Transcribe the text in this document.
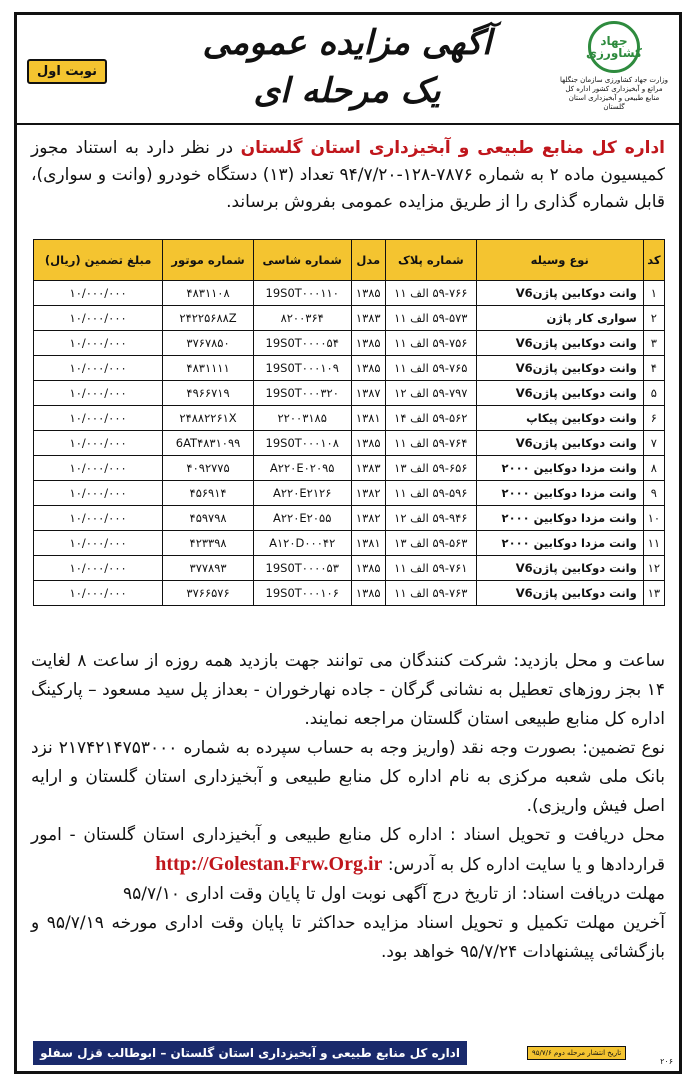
نوبت اول
آگهی مزایده عمومی
یک مرحله ای
جهاد کشاورزی
وزارت جهاد کشاورزی سازمان جنگلها مراتع و آبخیزداری کشور اداره کل منابع طبیعی و آبخیزداری استان گلستان
اداره کل منابع طبیعی و آبخیزداری استان گلستان در نظر دارد به استناد مجوز کمیسیون ماده ۲ به شماره ۷۸۷۶-۱۲۸-۹۴/۷/۲۰ تعداد (۱۳) دستگاه خودرو (وانت و سواری)، قابل شماره گذاری را از طریق مزایده عمومی بفروش برساند.
کد	نوع وسیله	شماره پلاک	مدل	شماره شاسی	شماره موتور	مبلغ تضمین (ریال)
۱	وانت دوکابین پاژنV6	۵۹-۷۶۶ الف ۱۱	۱۳۸۵	19S0T۰۰۰۱۱۰	۴۸۳۱۱۰۸	۱۰/۰۰۰/۰۰۰
۲	سواری کار پاژن	۵۹-۵۷۳ الف ۱۱	۱۳۸۳	۸۲۰۰۳۶۴	۲۴۲۲۵۶۸۸Z	۱۰/۰۰۰/۰۰۰
۳	وانت دوکابین پاژنV6	۵۹-۷۵۶ الف ۱۱	۱۳۸۵	19S0T۰۰۰۰۵۴	۳۷۶۷۸۵۰	۱۰/۰۰۰/۰۰۰
۴	وانت دوکابین پاژنV6	۵۹-۷۶۵ الف ۱۱	۱۳۸۵	19S0T۰۰۰۱۰۹	۴۸۳۱۱۱۱	۱۰/۰۰۰/۰۰۰
۵	وانت دوکابین پاژنV6	۵۹-۷۹۷ الف ۱۲	۱۳۸۷	19S0T۰۰۰۳۲۰	۴۹۶۶۷۱۹	۱۰/۰۰۰/۰۰۰
۶	وانت دوکابین پیکاپ	۵۹-۵۶۲ الف ۱۴	۱۳۸۱	۲۲۰۰۳۱۸۵	۲۴۸۸۲۲۶۱X	۱۰/۰۰۰/۰۰۰
۷	وانت دوکابین پاژنV6	۵۹-۷۶۴ الف ۱۱	۱۳۸۵	19S0T۰۰۰۱۰۸	6AT۴۸۳۱۰۹۹	۱۰/۰۰۰/۰۰۰
۸	وانت مزدا دوکابین ۲۰۰۰	۵۹-۶۵۶ الف ۱۳	۱۳۸۳	A۲۲۰E۰۲۰۹۵	۴۰۹۲۷۷۵	۱۰/۰۰۰/۰۰۰
۹	وانت مزدا دوکابین ۲۰۰۰	۵۹-۵۹۶ الف ۱۱	۱۳۸۲	A۲۲۰E۲۱۲۶	۴۵۶۹۱۴	۱۰/۰۰۰/۰۰۰
۱۰	وانت مزدا دوکابین ۲۰۰۰	۵۹-۹۴۶ الف ۱۲	۱۳۸۲	A۲۲۰E۲۰۵۵	۴۵۹۷۹۸	۱۰/۰۰۰/۰۰۰
۱۱	وانت مزدا دوکابین ۲۰۰۰	۵۹-۵۶۳ الف ۱۳	۱۳۸۱	A۱۲۰D۰۰۰۴۲	۴۲۳۳۹۸	۱۰/۰۰۰/۰۰۰
۱۲	وانت دوکابین پاژنV6	۵۹-۷۶۱ الف ۱۱	۱۳۸۵	19S0T۰۰۰۰۵۳	۳۷۷۸۹۳	۱۰/۰۰۰/۰۰۰
۱۳	وانت دوکابین پاژنV6	۵۹-۷۶۳ الف ۱۱	۱۳۸۵	19S0T۰۰۰۱۰۶	۳۷۶۶۵۷۶	۱۰/۰۰۰/۰۰۰
ساعت و محل بازدید: شرکت کنندگان می توانند جهت بازدید همه روزه از ساعت ۸ لغایت ۱۴ بجز روزهای تعطیل به نشانی گرگان - جاده نهارخوران - بعداز پل سید مسعود – پارکینگ اداره کل منابع طبیعی استان گلستان مراجعه نمایند.
نوع تضمین: بصورت وجه نقد (واریز وجه به حساب سپرده به شماره ۲۱۷۴۲۱۴۷۵۳۰۰۰ نزد بانک ملی شعبه مرکزی به نام اداره کل منابع طبیعی و آبخیزداری استان گلستان و ارایه اصل فیش واریزی).
محل دریافت و تحویل اسناد : اداره کل منابع طبیعی و آبخیزداری استان گلستان - امور قراردادها و یا سایت اداره کل به آدرس: http://Golestan.Frw.Org.ir
مهلت دریافت اسناد: از تاریخ درج آگهی نوبت اول تا پایان وقت اداری ۹۵/۷/۱۰
آخرین مهلت تکمیل و تحویل اسناد مزایده حداکثر تا پایان وقت اداری مورخه ۹۵/۷/۱۹ و بازگشائی پیشنهادات ۹۵/۷/۲۴ خواهد بود.
اداره کل منابع طبیعی و آبخیزداری استان گلستان – ابوطالب قزل سفلو	تاریخ انتشار مرحله دوم ۹۵/۷/۶
۲۰۶
